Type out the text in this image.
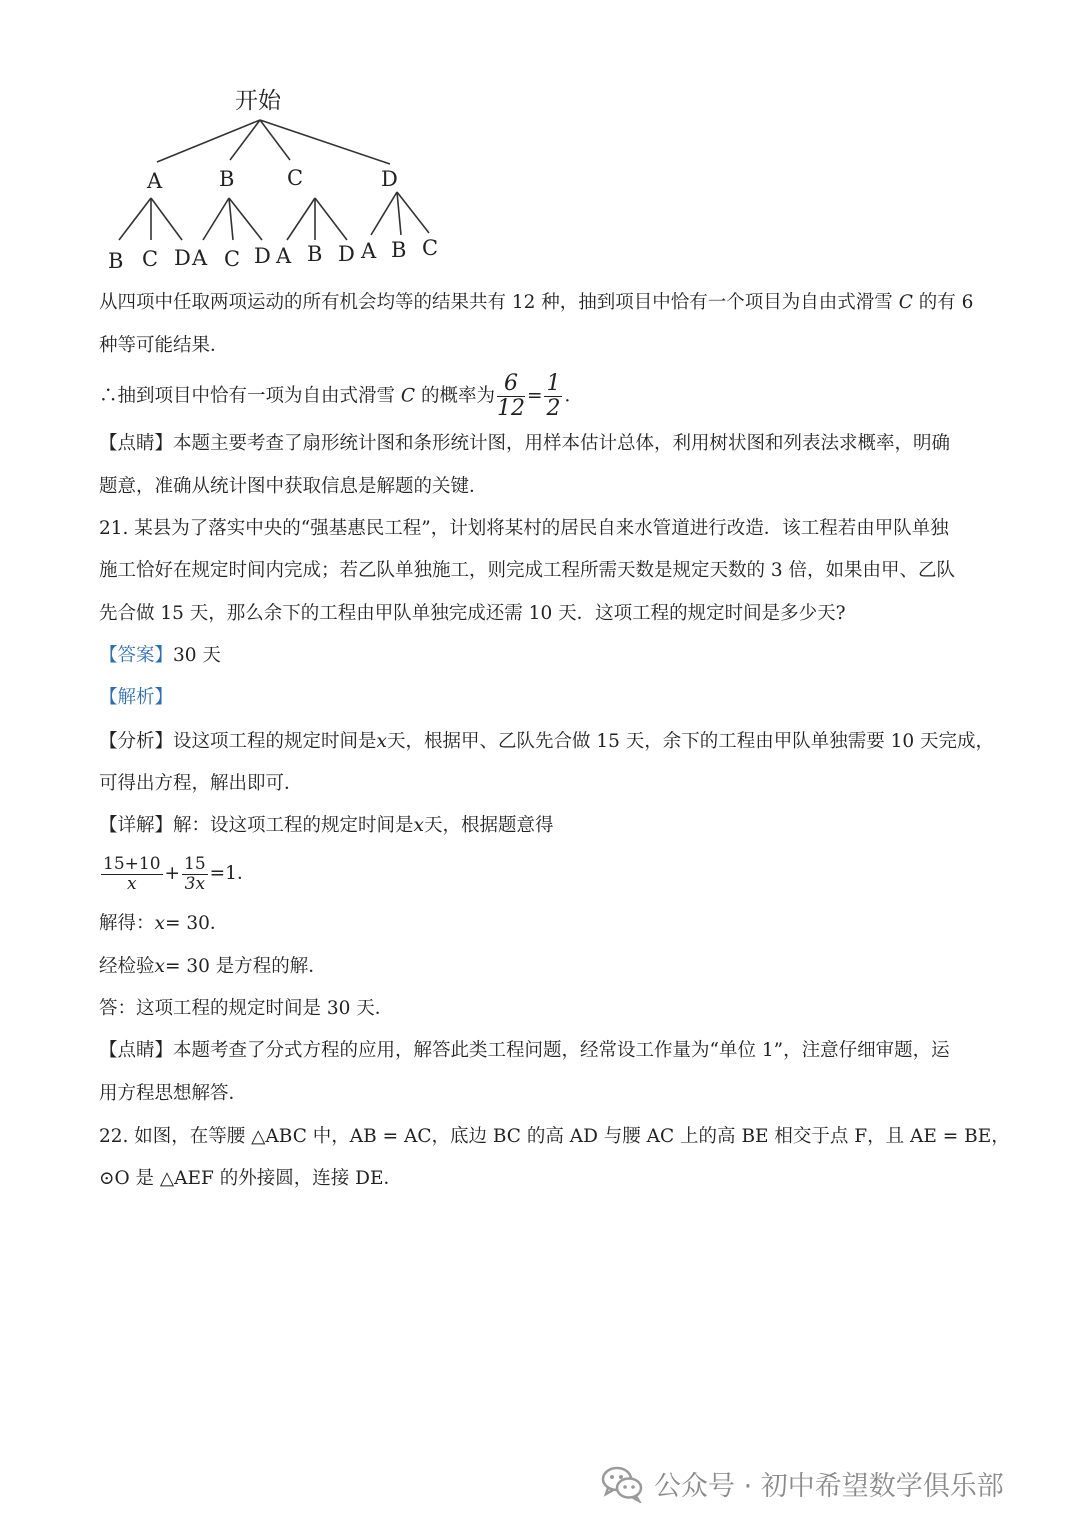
开始
A	B	C	D
B C D A C D A B D A B C
从四项中任取两项运动的所有机会均等的结果共有 12 种，抽到项目中恰有一个项目为自由式滑雪 C 的有 6
种等可能结果．
∴抽到项目中恰有一项为自由式滑雪 C 的概率为 $\frac{6}{12} = \frac{1}{2}$ ．
【点睛】本题主要考查了扇形统计图和条形统计图，用样本估计总体，利用树状图和列表法求概率，明确
题意，准确从统计图中获取信息是解题的关键．
21. 某县为了落实中央的“强基惠民工程”，计划将某村的居民自来水管道进行改造．该工程若由甲队单独
施工恰好在规定时间内完成；若乙队单独施工，则完成工程所需天数是规定天数的 3 倍，如果由甲、乙队
先合做 15 天，那么余下的工程由甲队单独完成还需 10 天．这项工程的规定时间是多少天?
【答案】30 天
【解析】
【分析】设这项工程的规定时间是x天，根据甲、乙队先合做 15 天，余下的工程由甲队单独需要 10 天完成，
可得出方程，解出即可．
【详解】解：设这项工程的规定时间是x天，根据题意得
$\frac{15+10}{x} + \frac{15}{3x} =1$．
解得：x= 30．
经检验x= 30 是方程的解．
答：这项工程的规定时间是 30 天．
【点睛】本题考查了分式方程的应用，解答此类工程问题，经常设工作量为“单位 1”，注意仔细审题，运
用方程思想解答．
22. 如图，在等腰 △ABC 中，AB = AC，底边 BC 的高 AD 与腰 AC 上的高 BE 相交于点 F，且 AE = BE，
⊙O 是 △AEF 的外接圆，连接 DE．
公众号 · 初中希望数学俱乐部
